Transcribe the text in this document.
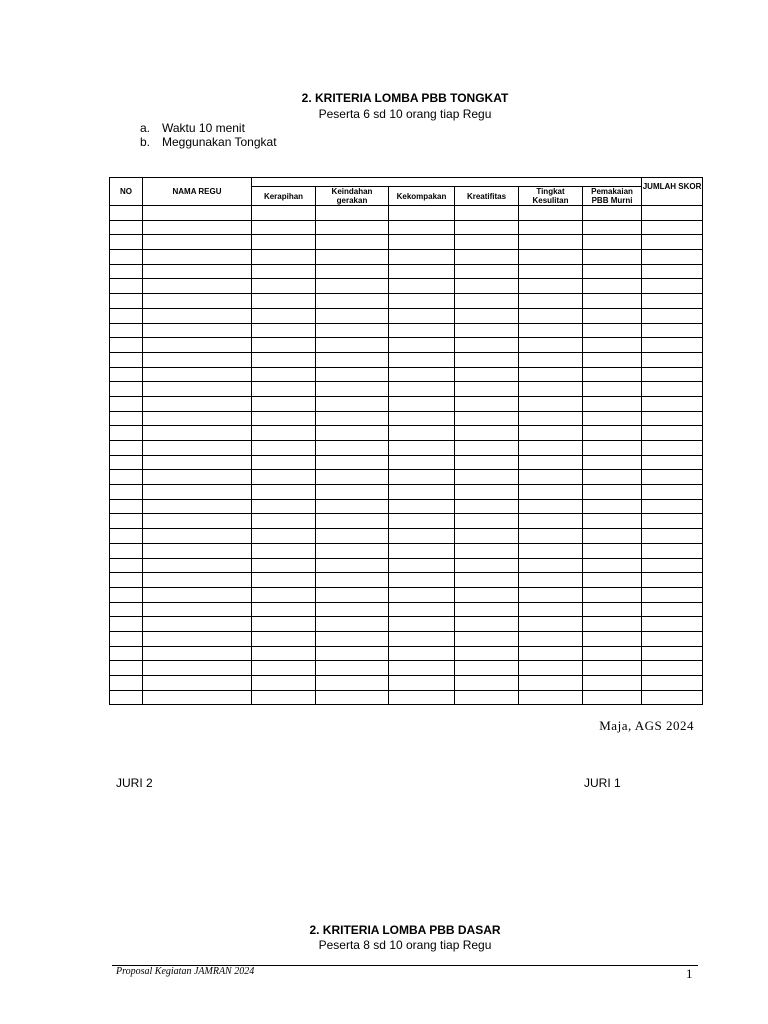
2. KRITERIA LOMBA PBB TONGKAT
Peserta 6 sd 10 orang tiap Regu
a. Waktu 10 menit
b. Meggunakan Tongkat
NO	NAMA REGU							JUMLAH SKOR
		Kerapihan	Keindahan gerakan	Kekompakan	Kreatifitas	Tingkat Kesulitan	Pemakaian PBB Murni	

Maja, AGS 2024
JURI 2	JURI 1
2. KRITERIA LOMBA PBB DASAR
Peserta 8 sd 10 orang tiap Regu
Proposal Kegiatan JAMRAN 2024	1
